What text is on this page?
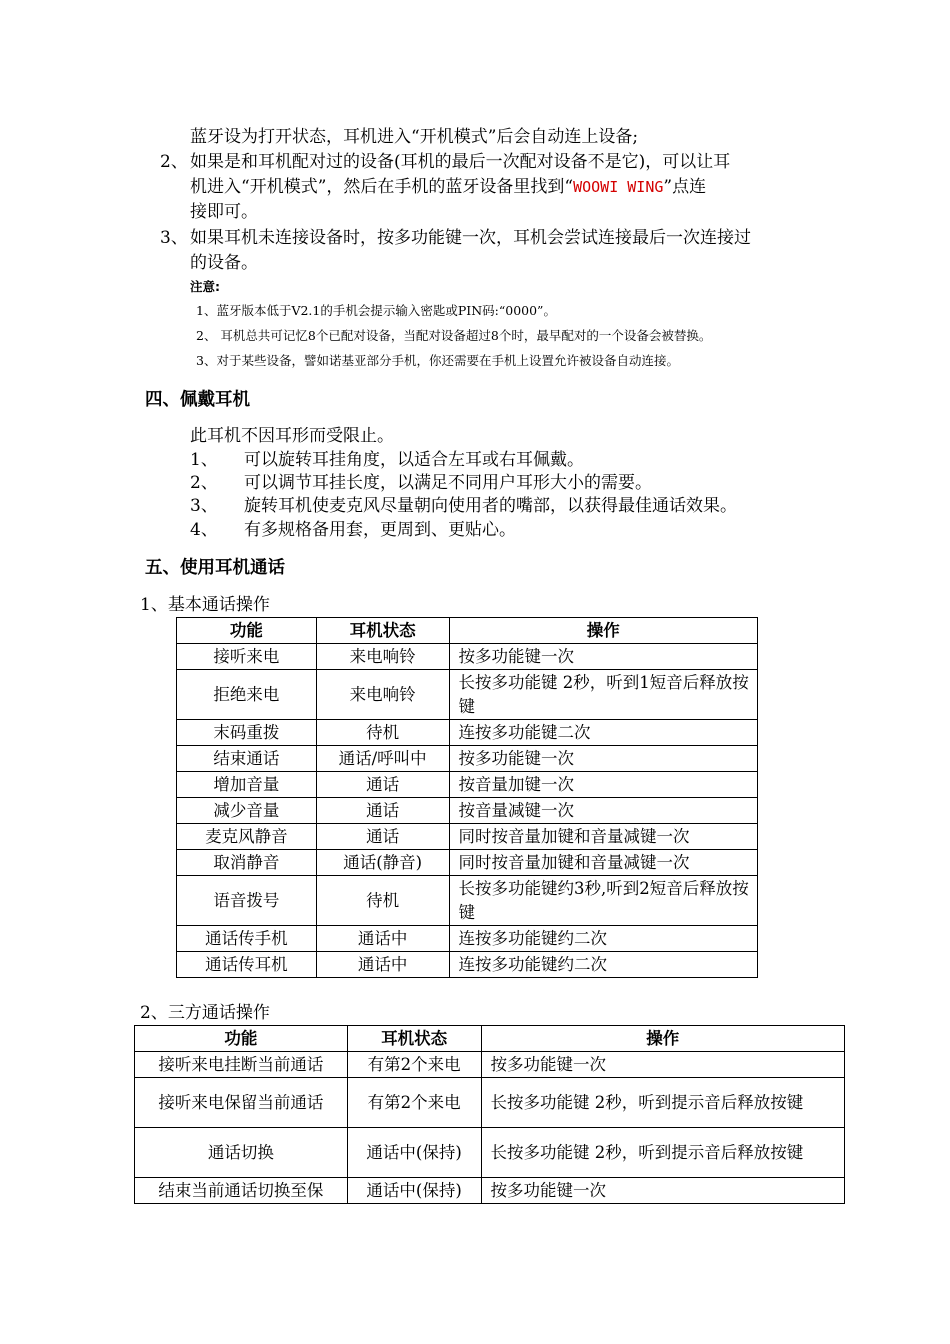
蓝牙设为打开状态，耳机进入“开机模式”后会自动连上设备;
2、 如果是和耳机配对过的设备(耳机的最后一次配对设备不是它)，可以让耳
机进入“开机模式”，然后在手机的蓝牙设备里找到“WOOWI WING”点连
接即可。
3、 如果耳机未连接设备时，按多功能键一次，耳机会尝试连接最后一次连接过
的设备。
注意:
1、蓝牙版本低于V2.1的手机会提示输入密匙或PIN码:“0000”。
2、 耳机总共可记忆8个已配对设备，当配对设备超过8个时，最早配对的一个设备会被替换。
3、对于某些设备，譬如诺基亚部分手机，你还需要在手机上设置允许被设备自动连接。
四、佩戴耳机
此耳机不因耳形而受限止。
1、 可以旋转耳挂角度，以适合左耳或右耳佩戴。
2、 可以调节耳挂长度，以满足不同用户耳形大小的需要。
3、 旋转耳机使麦克风尽量朝向使用者的嘴部，以获得最佳通话效果。
4、 有多规格备用套，更周到、更贴心。
五、使用耳机通话
1、基本通话操作
功能	耳机状态	操作
接听来电	来电响铃	按多功能键一次
拒绝来电	来电响铃	长按多功能键 2秒，听到1短音后释放按键
末码重拨	待机	连按多功能键二次
结束通话	通话/呼叫中	按多功能键一次
增加音量	通话	按音量加键一次
减少音量	通话	按音量减键一次
麦克风静音	通话	同时按音量加键和音量减键一次
取消静音	通话(静音)	同时按音量加键和音量减键一次
语音拨号	待机	长按多功能键约3秒,听到2短音后释放按键
通话传手机	通话中	连按多功能键约二次
通话传耳机	通话中	连按多功能键约二次
2、三方通话操作
功能	耳机状态	操作
接听来电挂断当前通话	有第2个来电	按多功能键一次
接听来电保留当前通话	有第2个来电	长按多功能键 2秒，听到提示音后释放按键
通话切换	通话中(保持)	长按多功能键 2秒，听到提示音后释放按键
结束当前通话切换至保	通话中(保持)	按多功能键一次
